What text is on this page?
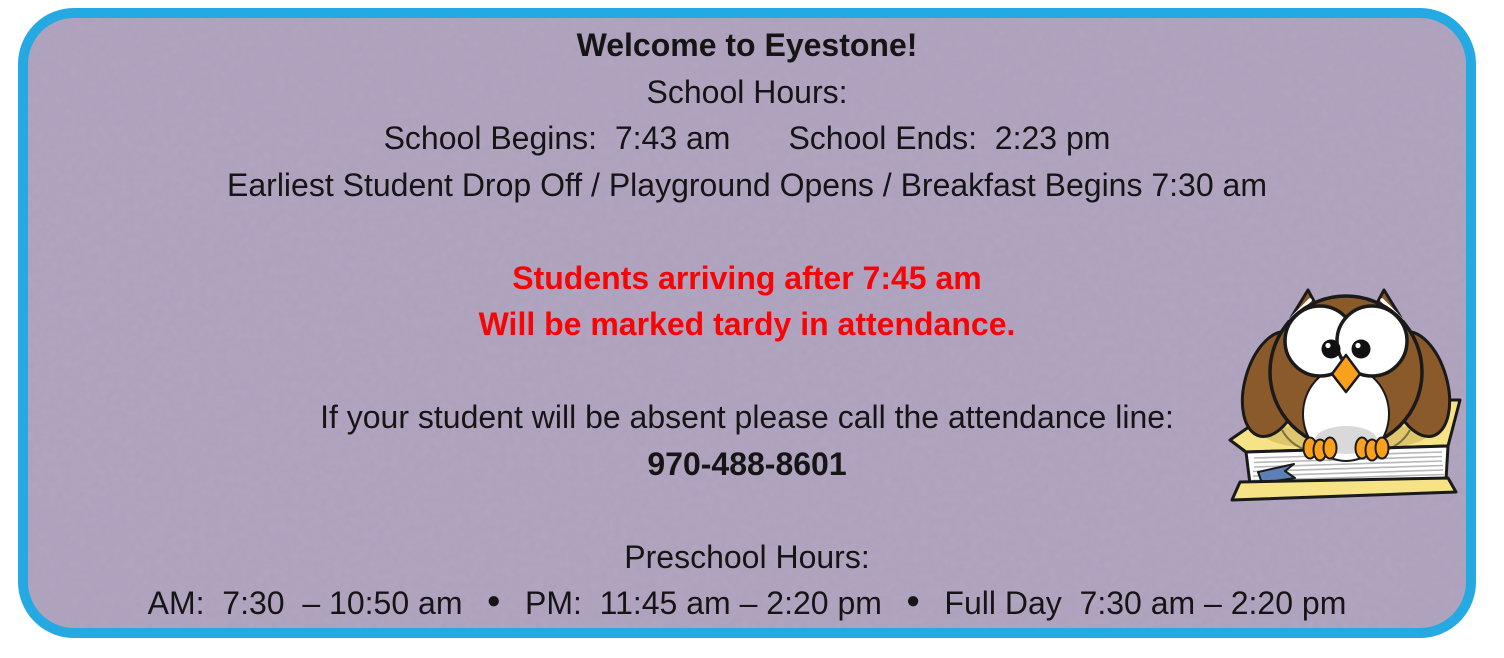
Welcome to Eyestone!
School Hours:
School Begins:  7:43 am School Ends:  2:23 pm
Earliest Student Drop Off / Playground Opens / Breakfast Begins 7:30 am
Students arriving after 7:45 am
Will be marked tardy in attendance.
If your student will be absent please call the attendance line:
970-488-8601
Preschool Hours:
AM:  7:30  – 10:50 am ● PM:  11:45 am – 2:20 pm ● Full Day  7:30 am – 2:20 pm
